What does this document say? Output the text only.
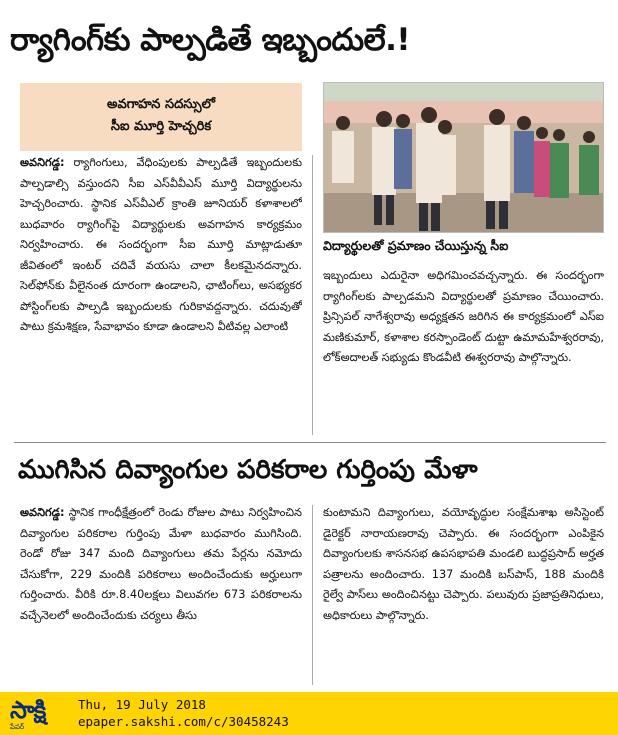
ర్యాగింగ్‌కు పాల్పడితే ఇబ్బందులే.!
అవగాహన సదస్సులో
సీఐ మూర్తి హెచ్చరిక
విద్యార్థులతో ప్రమాణం చేయిస్తున్న సీఐ
అవనిగడ్డ: ర్యాగింగులు, వేధింపులకు పాల్పడితే ఇబ్బందులకు పాల్పడాల్సి వస్తుందని సీఐ ఎస్‌వీవీఎస్‌ మూర్తి విద్యార్థులను హెచ్చరించారు. స్థానిక ఎస్‌వీఎల్‌ క్రాంతి జూనియర్‌ కళాశాలలో బుధవారం ర్యాగింగ్‌పై విద్యార్థులకు అవగాహన కార్యక్రమం నిర్వహించారు. ఈ సందర్భంగా సీఐ మూర్తి మాట్లాడుతూ జీవితంలో ఇంటర్‌ చదివే వయసు చాలా కీలకమైనదన్నారు. సెల్‌ఫోన్‌కు వీలైనంత దూరంగా ఉండాలని, ఛాటింగ్‌లు, అసభ్యకర పోస్టింగ్‌లకు పాల్పడి ఇబ్బందులకు గురికావద్దన్నారు. చదువుతో పాటు క్రమశిక్షణ, సేవాభావం కూడా ఉండాలని వీటివల్ల ఎలాంటి
ఇబ్బందులు ఎదురైనా అధిగమించవచ్చన్నారు. ఈ సందర్భంగా ర్యాగింగ్‌లకు పాల్పడమని విద్యార్థులతో ప్రమాణం చేయించారు. ప్రిన్సిపల్‌ నాగేశ్వరావు అధ్యక్షతన జరిగిన ఈ కార్యక్రమంలో ఎస్‌ఐ మణికుమార్‌, కళాశాల కరస్పాండెంట్‌ దుట్టా ఉమామహేశ్వరరావు, లోక్‌అదాలత్‌ సభ్యుడు కొండవీటి ఈశ్వరరావు పాల్గొన్నారు.
ముగిసిన దివ్యాంగుల పరికరాల గుర్తింపు మేళా
అవనిగడ్డ: స్థానిక గాంధీక్షేత్రంలో రెండు రోజుల పాటు నిర్వహించిన దివ్యాంగుల పరికరాల గుర్తింపు మేళా బుధవారం ముగిసింది. రెండో రోజు 347 మంది దివ్యాంగులు తమ పేర్లను నమోదు చేసుకోగా, 229 మందికి పరికరాలు అందించేందుకు అర్హులుగా గుర్తించారు. వీరికి రూ.8.40లక్షలు విలువగల 673 పరికరాలను వచ్చేనెలలో అందించేందుకు చర్యలు తీసు
కుంటామని దివ్యాంగులు, వయోవృద్ధుల సంక్షేమశాఖ అసిస్టెంట్‌ డైరెక్టర్‌ నారాయణరావు చెప్పారు. ఈ సందర్భంగా ఎంపికైన దివ్యాంగులకు శాసనసభ ఉపసభాపతి మండలి బుద్ధప్రసాద్‌ అర్హత పత్రాలను అందించారు. 137 మందికి బస్‌పాస్‌, 188 మందికి రైల్వే పాస్‌లు అందించినట్టు చెప్పారు. పలువురు ప్రజాప్రతినిధులు, అధికారులు పాల్గొన్నారు.
సాక్షి
పేపర్
Thu, 19 July 2018
epaper.sakshi.com/c/30458243
